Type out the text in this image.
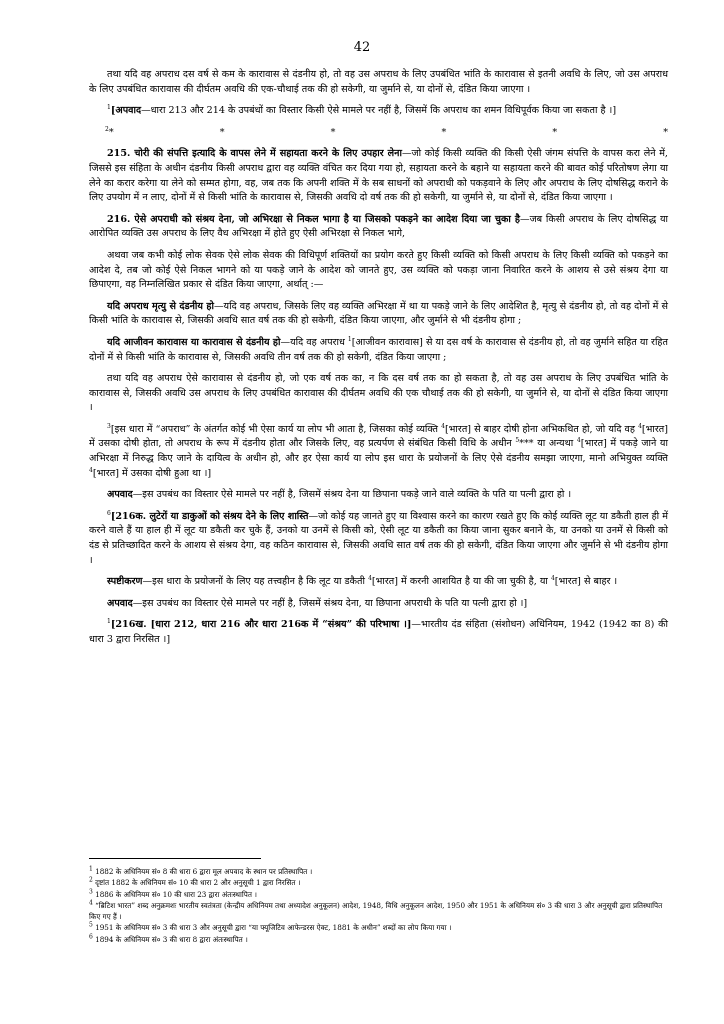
42

तथा यदि वह अपराध दस वर्ष से कम के कारावास से दंडनीय हो, तो वह उस अपराध के लिए उपबंधित भांति के कारावास से इतनी अवधि के लिए, जो उस अपराध के लिए उपबंधित कारावास की दीर्घतम अवधि की एक-चौथाई तक की हो सकेगी, या जुर्माने से, या दोनों से, दंडित किया जाएगा ।

$^1$[अपवाद—धारा 213 और 214 के उपबंधों का विस्तार किसी ऐसे मामले पर नहीं है, जिसमें कि अपराध का शमन विधिपूर्वक किया जा सकता है ।]

$^2$*	*	*	*	*	*

215. चोरी की संपत्ति इत्यादि के वापस लेने में सहायता करने के लिए उपहार लेना—जो कोई किसी व्यक्ति की किसी ऐसी जंगम संपत्ति के वापस करा लेने में, जिससे इस संहिता के अधीन दंडनीय किसी अपराध द्वारा वह व्यक्ति वंचित कर दिया गया हो, सहायता करने के बहाने या सहायता करने की बावत कोई परितोषण लेगा या लेने का करार करेगा या लेने को सम्मत होगा, वह, जब तक कि अपनी शक्ति में के सब साधनों को अपराधी को पकड़वाने के लिए और अपराध के लिए दोषसिद्ध कराने के लिए उपयोग में न लाए, दोनों में से किसी भांति के कारावास से, जिसकी अवधि दो वर्ष तक की हो सकेगी, या जुर्माने से, या दोनों से, दंडित किया जाएगा ।

216. ऐसे अपराधी को संश्रय देना, जो अभिरक्षा से निकल भागा है या जिसको पकड़ने का आदेश दिया जा चुका है—जब किसी अपराध के लिए दोषसिद्ध या आरोपित व्यक्ति उस अपराध के लिए वैध अभिरक्षा में होते हुए ऐसी अभिरक्षा से निकल भागे,

अथवा जब कभी कोई लोक सेवक ऐसे लोक सेवक की विधिपूर्ण शक्तियों का प्रयोग करते हुए किसी व्यक्ति को किसी अपराध के लिए किसी व्यक्ति को पकड़ने का आदेश दे, तब जो कोई ऐसे निकल भागने को या पकड़े जाने के आदेश को जानते हुए, उस व्यक्ति को पकड़ा जाना निवारित करने के आशय से उसे संश्रय देगा या छिपाएगा, वह निम्नलिखित प्रकार से दंडित किया जाएगा, अर्थात् :—

यदि अपराध मृत्यु से दंडनीय हो—यदि वह अपराध, जिसके लिए वह व्यक्ति अभिरक्षा में था या पकड़े जाने के लिए आदेशित है, मृत्यु से दंडनीय हो, तो वह दोनों में से किसी भांति के कारावास से, जिसकी अवधि सात वर्ष तक की हो सकेगी, दंडित किया जाएगा, और जुर्माने से भी दंडनीय होगा ;

यदि आजीवन कारावास या कारावास से दंडनीय हो—यदि वह अपराध $^1$[आजीवन कारावास] से या दस वर्ष के कारावास से दंडनीय हो, तो वह जुर्माने सहित या रहित दोनों में से किसी भांति के कारावास से, जिसकी अवधि तीन वर्ष तक की हो सकेगी, दंडित किया जाएगा ;

तथा यदि वह अपराध ऐसे कारावास से दंडनीय हो, जो एक वर्ष तक का, न कि दस वर्ष तक का हो सकता है, तो वह उस अपराध के लिए उपबंधित भांति के कारावास से, जिसकी अवधि उस अपराध के लिए उपबंधित कारावास की दीर्घतम अवधि की एक चौथाई तक की हो सकेगी, या जुर्माने से, या दोनों से दंडित किया जाएगा ।

$^3$[इस धारा में “अपराध” के अंतर्गत कोई भी ऐसा कार्य या लोप भी आता है, जिसका कोई व्यक्ति $^4$[भारत] से बाहर दोषी होना अभिकथित हो, जो यदि वह $^4$[भारत] में उसका दोषी होता, तो अपराध के रूप में दंडनीय होता और जिसके लिए, वह प्रत्यर्पण से संबंधित किसी विधि के अधीन $^5$*** या अन्यथा $^4$[भारत] में पकड़े जाने या अभिरक्षा में निरुद्ध किए जाने के दायित्व के अधीन हो, और हर ऐसा कार्य या लोप इस धारा के प्रयोजनों के लिए ऐसे दंडनीय समझा जाएगा, मानो अभियुक्त व्यक्ति $^4$[भारत] में उसका दोषी हुआ था ।]

अपवाद—इस उपबंध का विस्तार ऐसे मामले पर नहीं है, जिसमें संश्रय देना या छिपाना पकड़े जाने वाले व्यक्ति के पति या पत्नी द्वारा हो ।

$^6$[216क. लुटेरों या डाकुओं को संश्रय देने के लिए शास्ति—जो कोई यह जानते हुए या विश्वास करने का कारण रखते हुए कि कोई व्यक्ति लूट या डकैती हाल ही में करने वाले हैं या हाल ही में लूट या डकैती कर चुके हैं, उनको या उनमें से किसी को, ऐसी लूट या डकैती का किया जाना सुकर बनाने के, या उनको या उनमें से किसी को दंड से प्रतिच्छादित करने के आशय से संश्रय देगा, वह कठिन कारावास से, जिसकी अवधि सात वर्ष तक की हो सकेगी, दंडित किया जाएगा और जुर्माने से भी दंडनीय होगा ।

स्पष्टीकरण—इस धारा के प्रयोजनों के लिए यह तत्त्वहीन है कि लूट या डकैती $^4$[भारत] में करनी आशयित है या की जा चुकी है, या $^4$[भारत] से बाहर ।

अपवाद—इस उपबंध का विस्तार ऐसे मामले पर नहीं है, जिसमें संश्रय देना, या छिपाना अपराधी के पति या पत्नी द्वारा हो ।]

$^1$[216ख. [धारा 212, धारा 216 और धारा 216क में “संश्रय” की परिभाषा ।]—भारतीय दंड संहिता (संशोधन) अधिनियम, 1942 (1942 का 8) की धारा 3 द्वारा निरसित ।]

$^1$ 1882 के अधिनियम सं० 8 की धारा 6 द्वारा मूल अपवाद के स्थान पर प्रतिस्थापित ।

$^2$ दृष्टांत 1882 के अधिनियम सं० 10 की धारा 2 और अनुसूची 1 द्वारा निरसित ।

$^3$ 1886 के अधिनियम सं० 10 की धारा 23 द्वारा अंतःस्थापित ।

$^4$ “ब्रिटिश भारत” शब्द अनुक्रमशः भारतीय स्वतंत्रता (केन्द्रीय अधिनियम तथा अध्यादेश अनुकूलन) आदेश, 1948, विधि अनुकूलन आदेश, 1950 और 1951 के अधिनियम सं० 3 की धारा 3 और अनुसूची द्वारा प्रतिस्थापित किए गए हैं ।

$^5$ 1951 के अधिनियम सं० 3 की धारा 3 और अनुसूची द्वारा “या फ्यूजिटिव आफेन्डरस ऐक्ट, 1881 के अधीन” शब्दों का लोप किया गया ।

$^6$ 1894 के अधिनियम सं० 3 की धारा 8 द्वारा अंतःस्थापित ।
